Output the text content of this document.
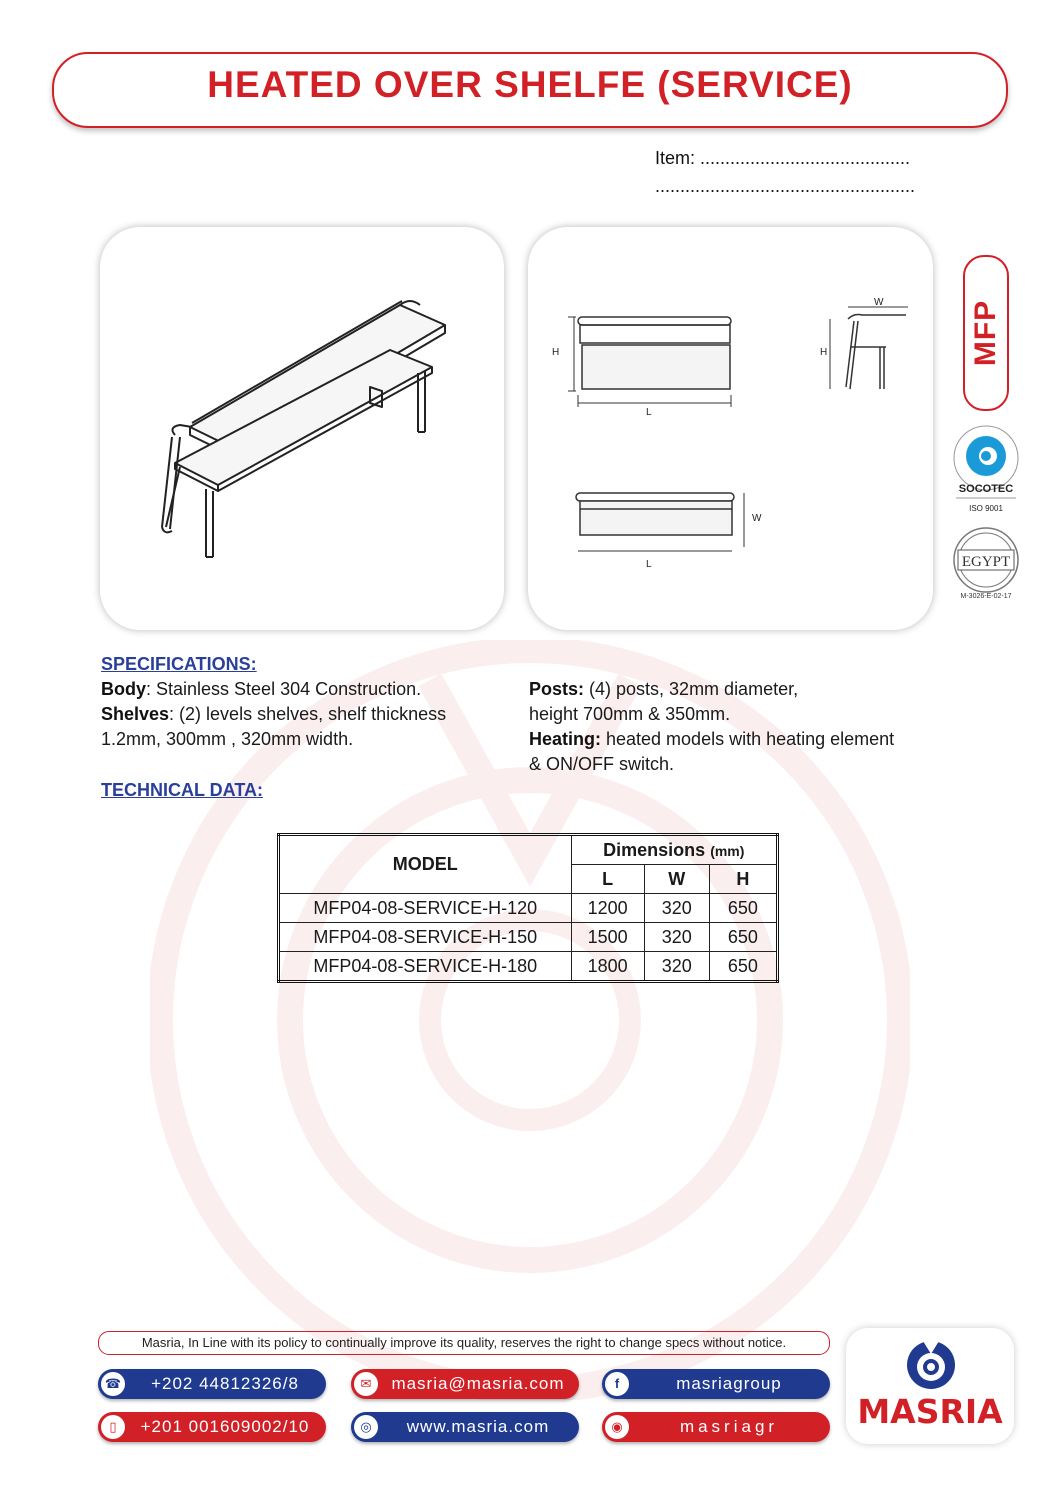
HEATED OVER SHELFE (SERVICE)
Item: ..........................................
....................................................
H
L
W
H
W
L
MFP
SOCOTEC
ISO 9001
EGYPT
M-3026-E-02-17
SPECIFICATIONS:
Body: Stainless Steel 304 Construction.
Shelves: (2) levels shelves, shelf thickness
1.2mm, 300mm , 320mm width.
Posts: (4) posts, 32mm diameter,
height 700mm & 350mm.
Heating: heated models with heating element
& ON/OFF switch.
TECHNICAL DATA:
MODEL	Dimensions (mm)		
	L	W	H
MFP04-08-SERVICE-H-120	1200	320	650
MFP04-08-SERVICE-H-150	1500	320	650
MFP04-08-SERVICE-H-180	1800	320	650
Masria, In Line with its policy to continually improve its quality, reserves the right to change specs without notice.
☎	+202 44812326/8
▯	+201 001609002/10
✉	masria@masria.com
◎	www.masria.com
f	masriagroup
◉	masriagr	MASRIA
